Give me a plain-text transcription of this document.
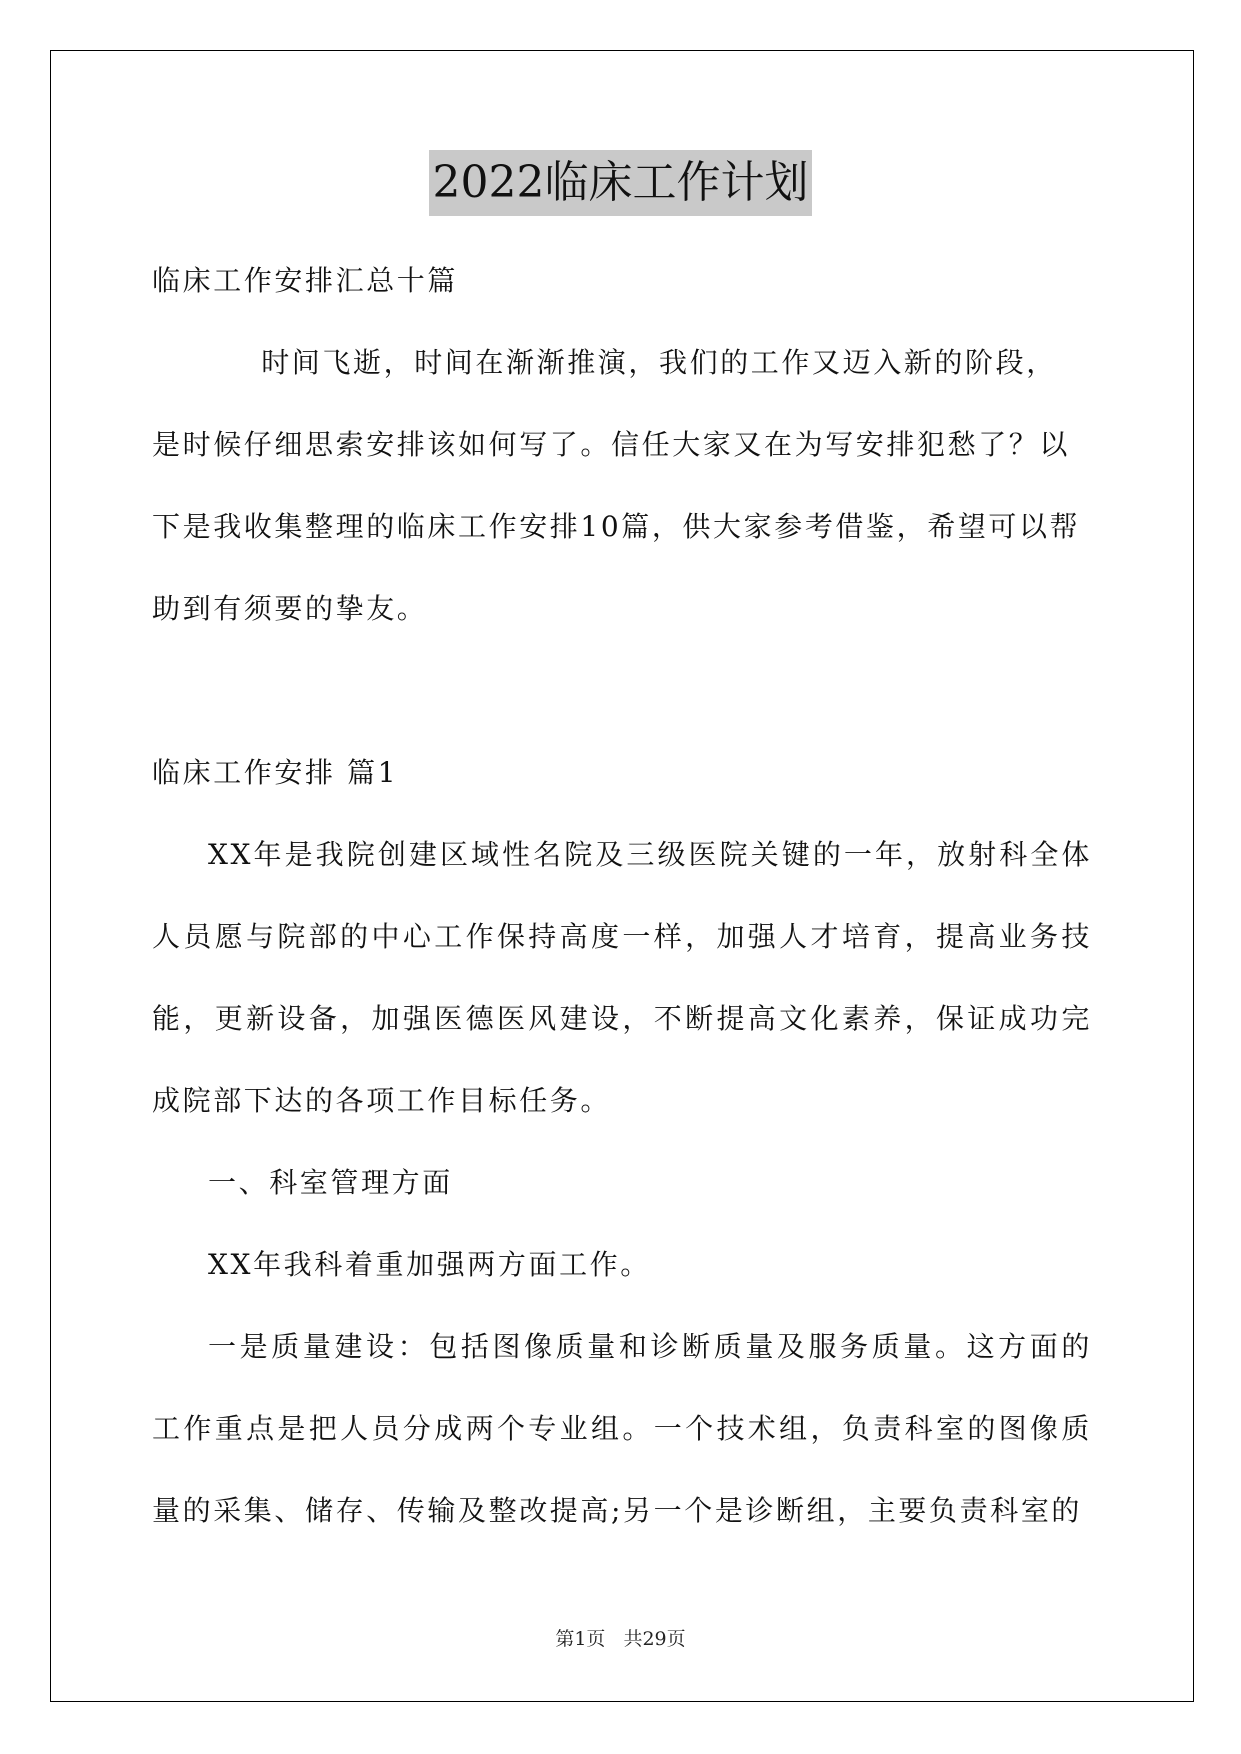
2022临床工作计划

临床工作安排汇总十篇

时间飞逝，时间在渐渐推演，我们的工作又迈入新的阶段，

是时候仔细思索安排该如何写了。信任大家又在为写安排犯愁了？以

下是我收集整理的临床工作安排10篇，供大家参考借鉴，希望可以帮

助到有须要的挚友。

临床工作安排 篇1

XX年是我院创建区域性名院及三级医院关键的一年，放射科全体人员愿与院部的中心工作保持高度一样，加强人才培育，提高业务技能，更新设备，加强医德医风建设，不断提高文化素养，保证成功完成院部下达的各项工作目标任务。

一、科室管理方面

XX年我科着重加强两方面工作。

一是质量建设：包括图像质量和诊断质量及服务质量。这方面的工作重点是把人员分成两个专业组。一个技术组，负责科室的图像质量的采集、储存、传输及整改提高;另一个是诊断组，主要负责科室的

第1页 共29页
